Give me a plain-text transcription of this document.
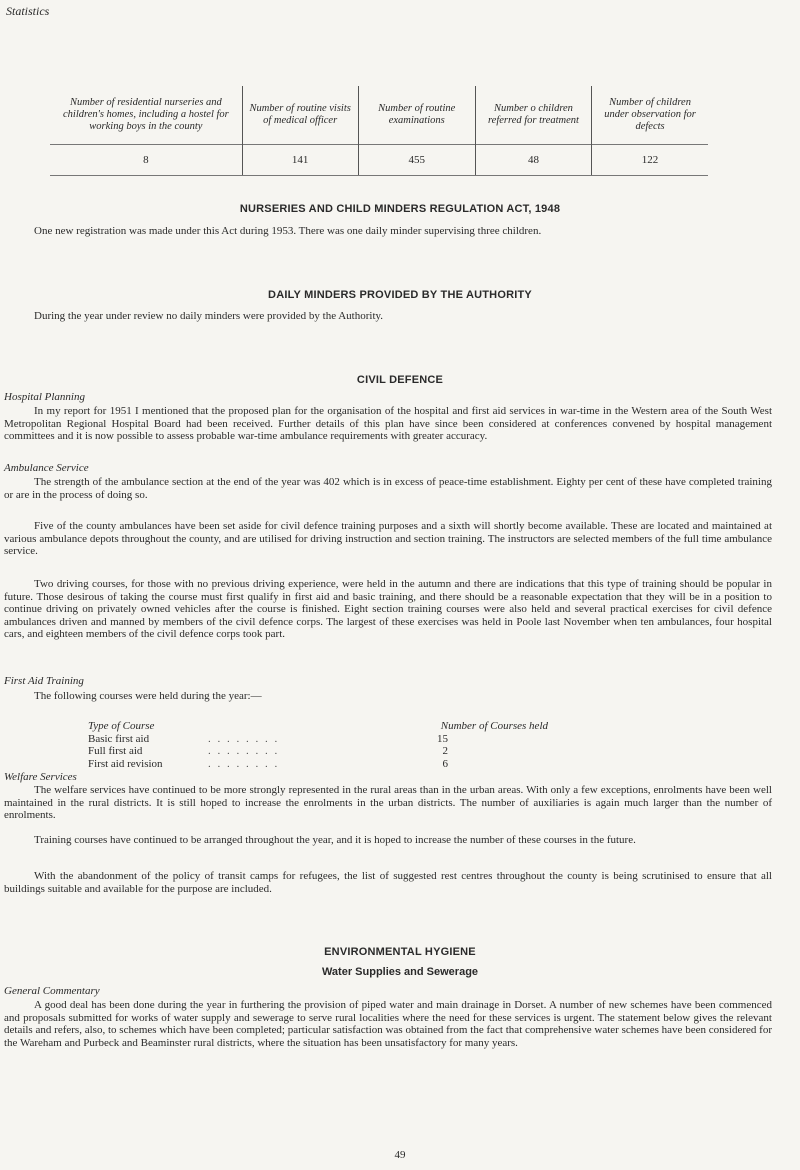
Statistics
Number of residential nurseries and children's homes, including a hostel for working boys in the county	Number of routine visits of medical officer	Number of routine examinations	Number o children referred for treatment	Number of children under observation for defects
8	141	455	48	122
NURSERIES AND CHILD MINDERS REGULATION ACT, 1948

One new registration was made under this Act during 1953. There was one daily minder supervising three children.

DAILY MINDERS PROVIDED BY THE AUTHORITY

During the year under review no daily minders were provided by the Authority.

CIVIL DEFENCE
Hospital Planning

In my report for 1951 I mentioned that the proposed plan for the organisation of the hospital and first aid services in war-time in the Western area of the South West Metropolitan Regional Hospital Board had been received. Further details of this plan have since been considered at conferences convened by hospital management committees and it is now possible to assess probable war-time ambulance requirements with greater accuracy.

Ambulance Service

The strength of the ambulance section at the end of the year was 402 which is in excess of peace-time establishment. Eighty per cent of these have completed training or are in the process of doing so.

Five of the county ambulances have been set aside for civil defence training purposes and a sixth will shortly become available. These are located and maintained at various ambulance depots throughout the county, and are utilised for driving instruction and section training. The instructors are selected members of the full time ambulance service.

Two driving courses, for those with no previous driving experience, were held in the autumn and there are indications that this type of training should be popular in future. Those desirous of taking the course must first qualify in first aid and basic training, and there should be a reasonable expectation that they will be in a position to continue driving on privately owned vehicles after the course is finished. Eight section training courses were also held and several practical exercises for civil defence ambulances driven and manned by members of the civil defence corps. The largest of these exercises was held in Poole last November when ten ambulances, four hospital cars, and eighteen members of the civil defence corps took part.

First Aid Training

The following courses were held during the year:—

Type of Course	Number of Courses held
Basic first aid	. . . . . . . .	15
Full first aid	. . . . . . . .	2
First aid revision	. . . . . . . .	6
Welfare Services

The welfare services have continued to be more strongly represented in the rural areas than in the urban areas. With only a few exceptions, enrolments have been well maintained in the rural districts. It is still hoped to increase the enrolments in the urban districts. The number of auxiliaries is again much larger than the number of enrolments.

Training courses have continued to be arranged throughout the year, and it is hoped to increase the number of these courses in the future.

With the abandonment of the policy of transit camps for refugees, the list of suggested rest centres throughout the county is being scrutinised to ensure that all buildings suitable and available for the purpose are included.

ENVIRONMENTAL HYGIENE
Water Supplies and Sewerage
General Commentary

A good deal has been done during the year in furthering the provision of piped water and main drainage in Dorset. A number of new schemes have been commenced and proposals submitted for works of water supply and sewerage to serve rural localities where the need for these services is urgent. The statement below gives the relevant details and refers, also, to schemes which have been completed; particular satisfaction was obtained from the fact that comprehensive water schemes have been considered for the Wareham and Purbeck and Beaminster rural districts, where the situation has been unsatisfactory for many years.

49
